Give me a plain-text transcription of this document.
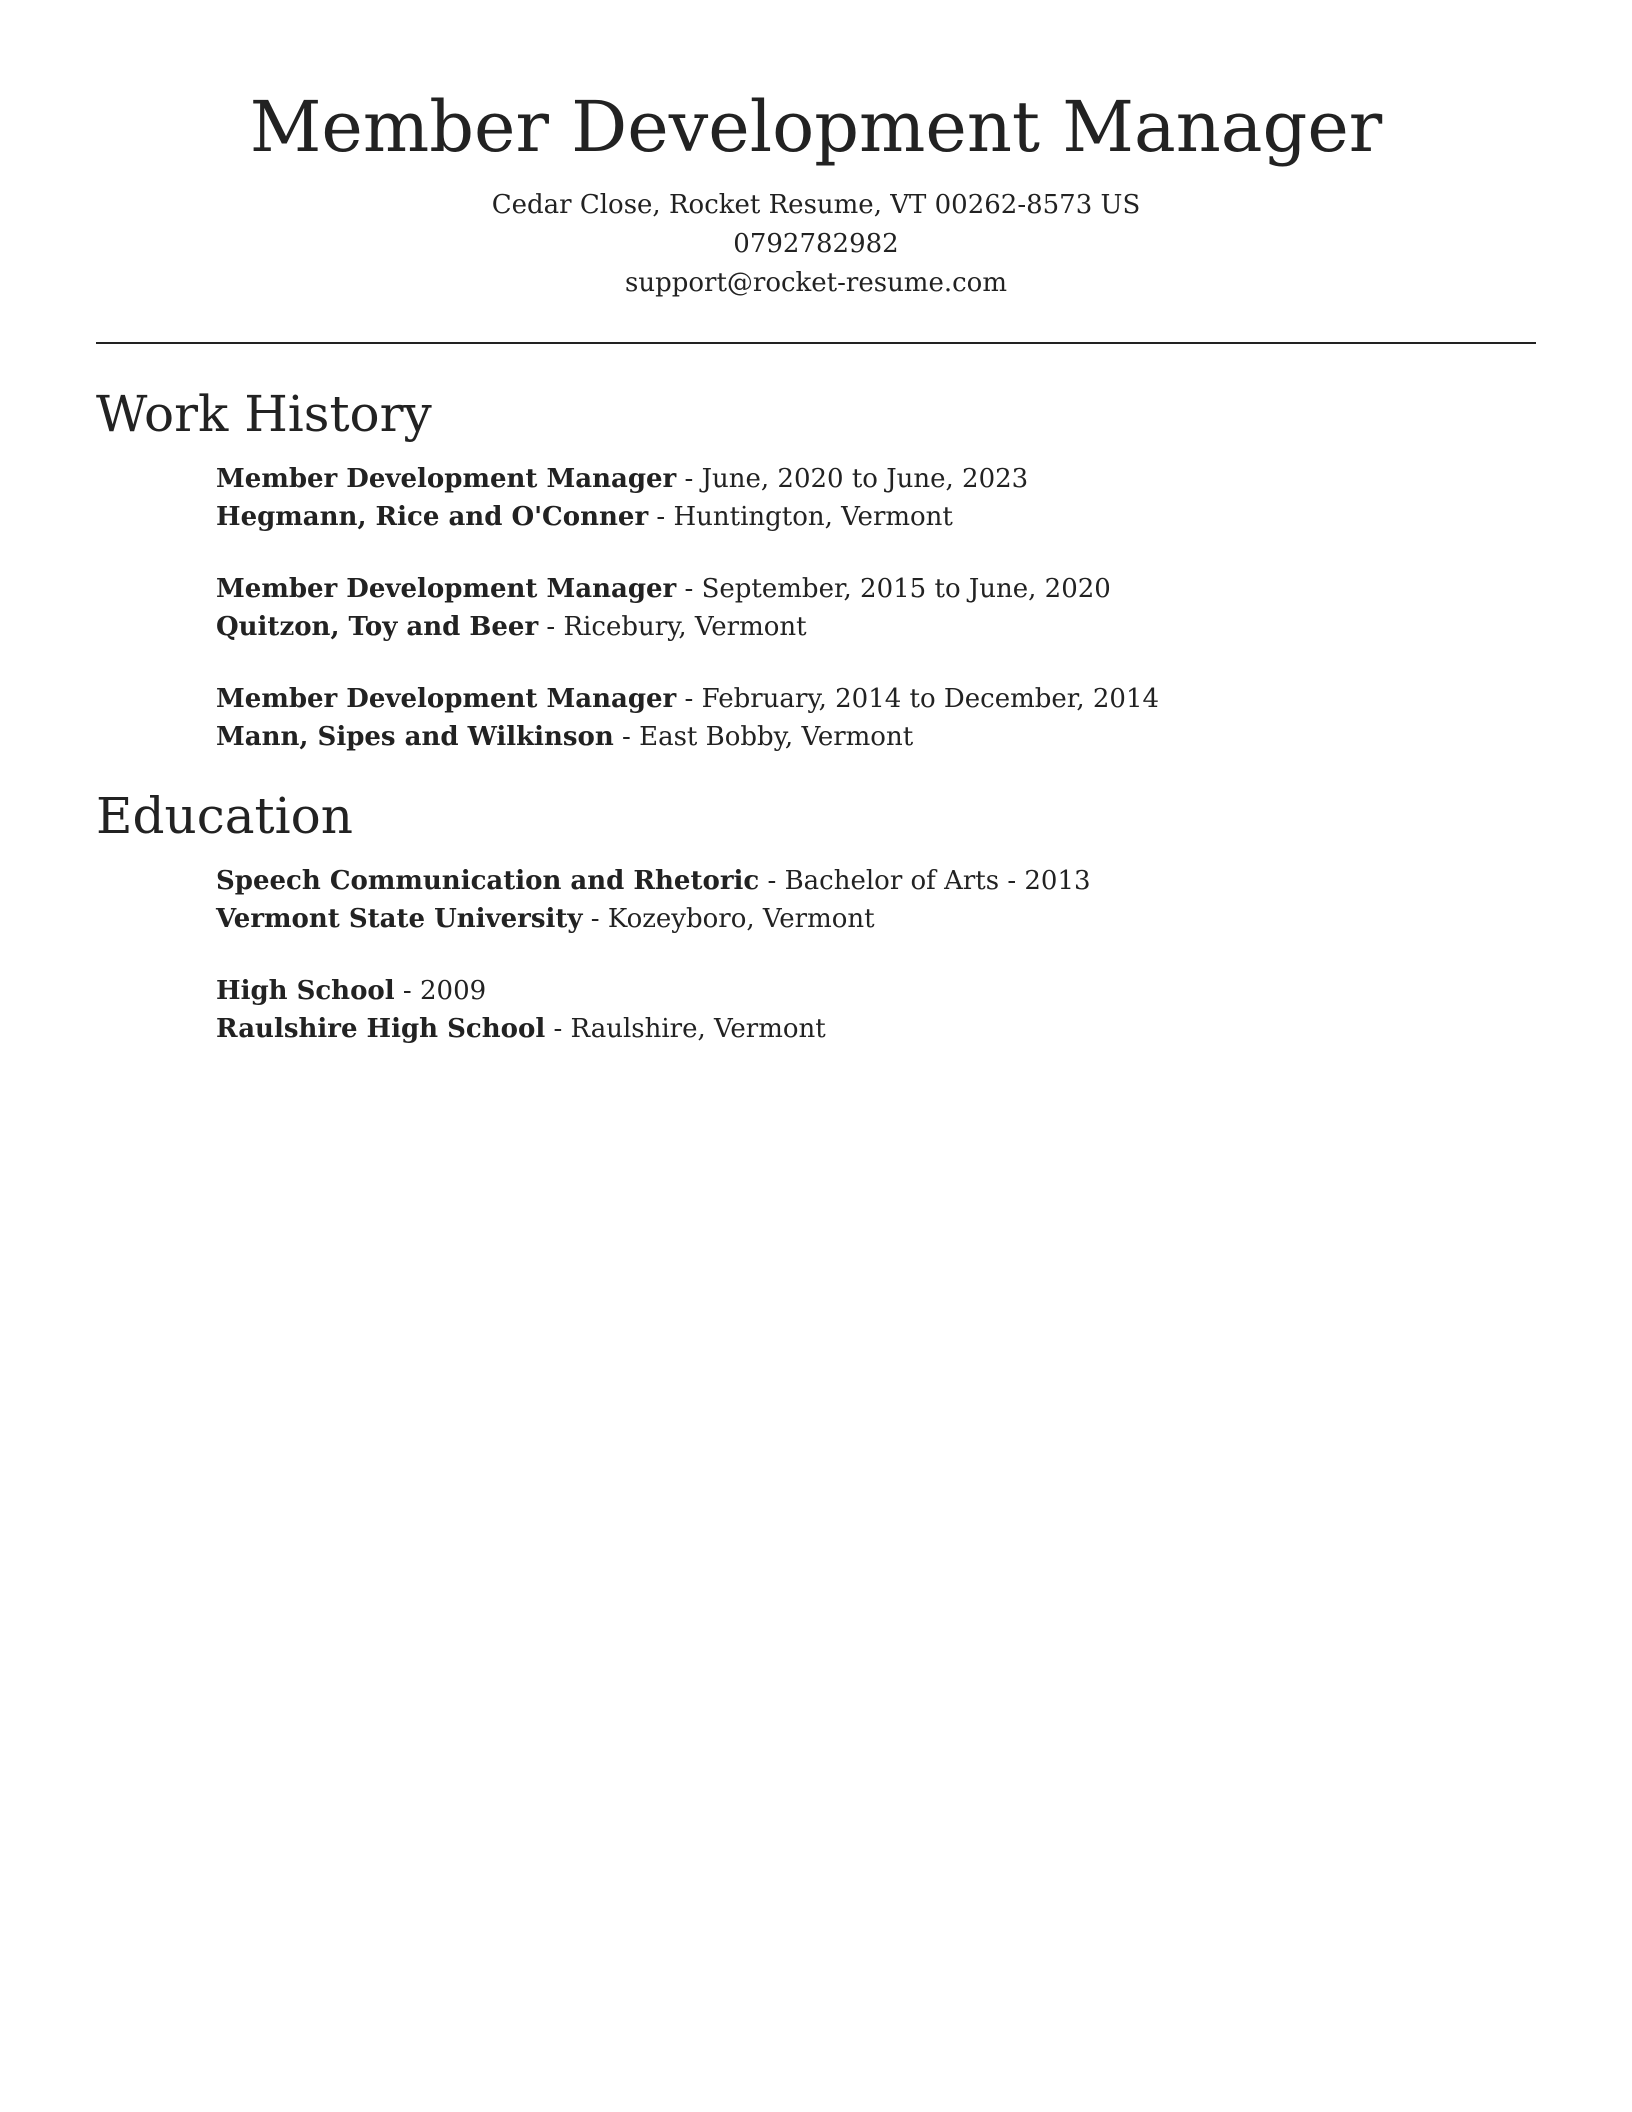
Member Development Manager
Cedar Close, Rocket Resume, VT 00262-8573 US
0792782982
support@rocket-resume.com
Work History
Member Development Manager - June, 2020 to June, 2023
Hegmann, Rice and O'Conner - Huntington, Vermont
Member Development Manager - September, 2015 to June, 2020
Quitzon, Toy and Beer - Ricebury, Vermont
Member Development Manager - February, 2014 to December, 2014
Mann, Sipes and Wilkinson - East Bobby, Vermont
Education
Speech Communication and Rhetoric - Bachelor of Arts - 2013
Vermont State University - Kozeyboro, Vermont
High School - 2009
Raulshire High School - Raulshire, Vermont
